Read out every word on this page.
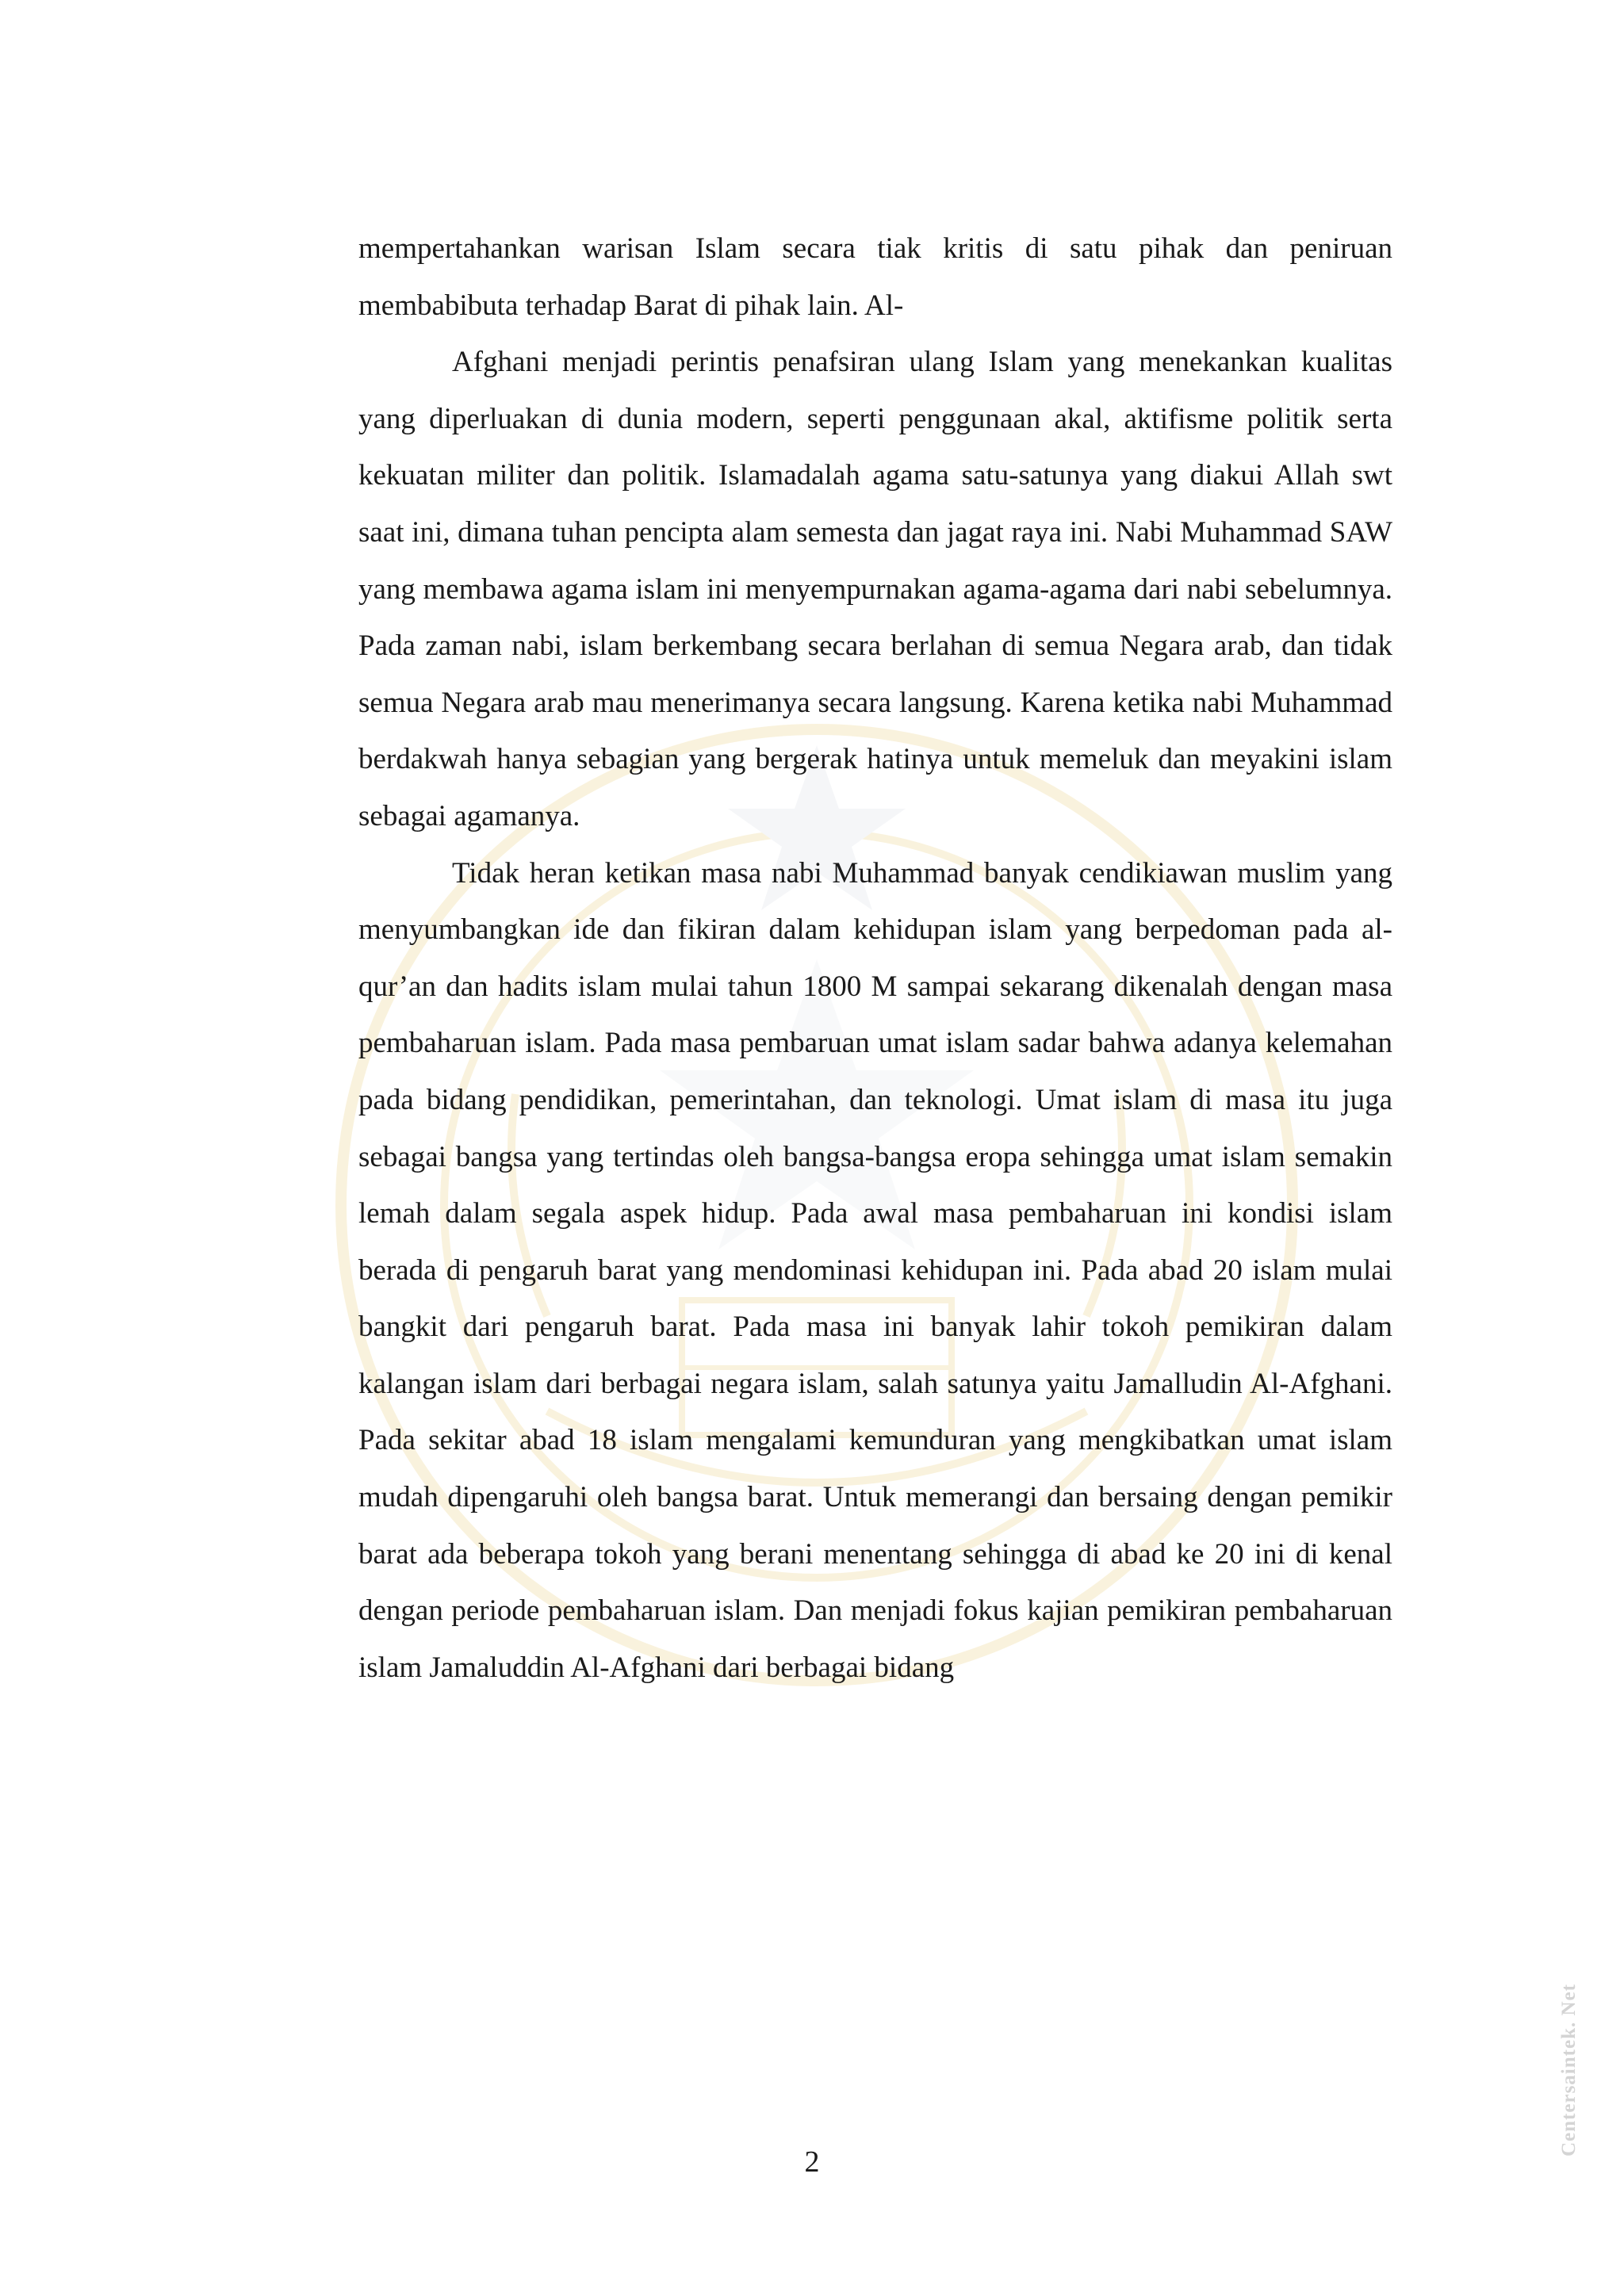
mempertahankan warisan Islam secara tiak kritis di satu pihak dan peniruan membabibuta terhadap Barat di pihak lain. Al-

Afghani menjadi perintis penafsiran ulang Islam yang menekankan kualitas yang diperluakan di dunia modern, seperti penggunaan akal, aktifisme politik serta kekuatan militer dan politik. Islamadalah agama satu-satunya yang diakui Allah swt saat ini, dimana tuhan pencipta alam semesta dan jagat raya ini. Nabi Muhammad SAW yang membawa agama islam ini menyempurnakan agama-agama dari nabi sebelumnya. Pada zaman nabi, islam berkembang secara berlahan di semua Negara arab, dan tidak semua Negara arab mau menerimanya secara langsung. Karena ketika nabi Muhammad berdakwah hanya sebagian yang bergerak hatinya untuk memeluk dan meyakini islam sebagai agamanya.

Tidak heran ketikan masa nabi Muhammad banyak cendikiawan muslim yang menyumbangkan ide dan fikiran dalam kehidupan islam yang berpedoman pada al-qur’an dan hadits islam mulai tahun 1800 M sampai sekarang dikenalah dengan masa pembaharuan islam. Pada masa pembaruan umat islam sadar bahwa adanya kelemahan pada bidang pendidikan, pemerintahan, dan teknologi. Umat islam di masa itu juga sebagai bangsa yang tertindas oleh bangsa-bangsa eropa sehingga umat islam semakin lemah dalam segala aspek hidup. Pada awal masa pembaharuan ini kondisi islam berada di pengaruh barat yang mendominasi kehidupan ini. Pada abad 20 islam mulai bangkit dari pengaruh barat. Pada masa ini banyak lahir tokoh pemikiran dalam kalangan islam dari berbagai negara islam, salah satunya yaitu Jamalludin Al-Afghani. Pada sekitar abad 18 islam mengalami kemunduran yang mengkibatkan umat islam mudah dipengaruhi oleh bangsa barat. Untuk memerangi dan bersaing dengan pemikir barat ada beberapa tokoh yang berani menentang sehingga di abad ke 20 ini di kenal dengan periode pembaharuan islam. Dan menjadi fokus kajian pemikiran pembaharuan islam Jamaluddin Al-Afghani dari berbagai bidang

2
Centersaintek. Net
